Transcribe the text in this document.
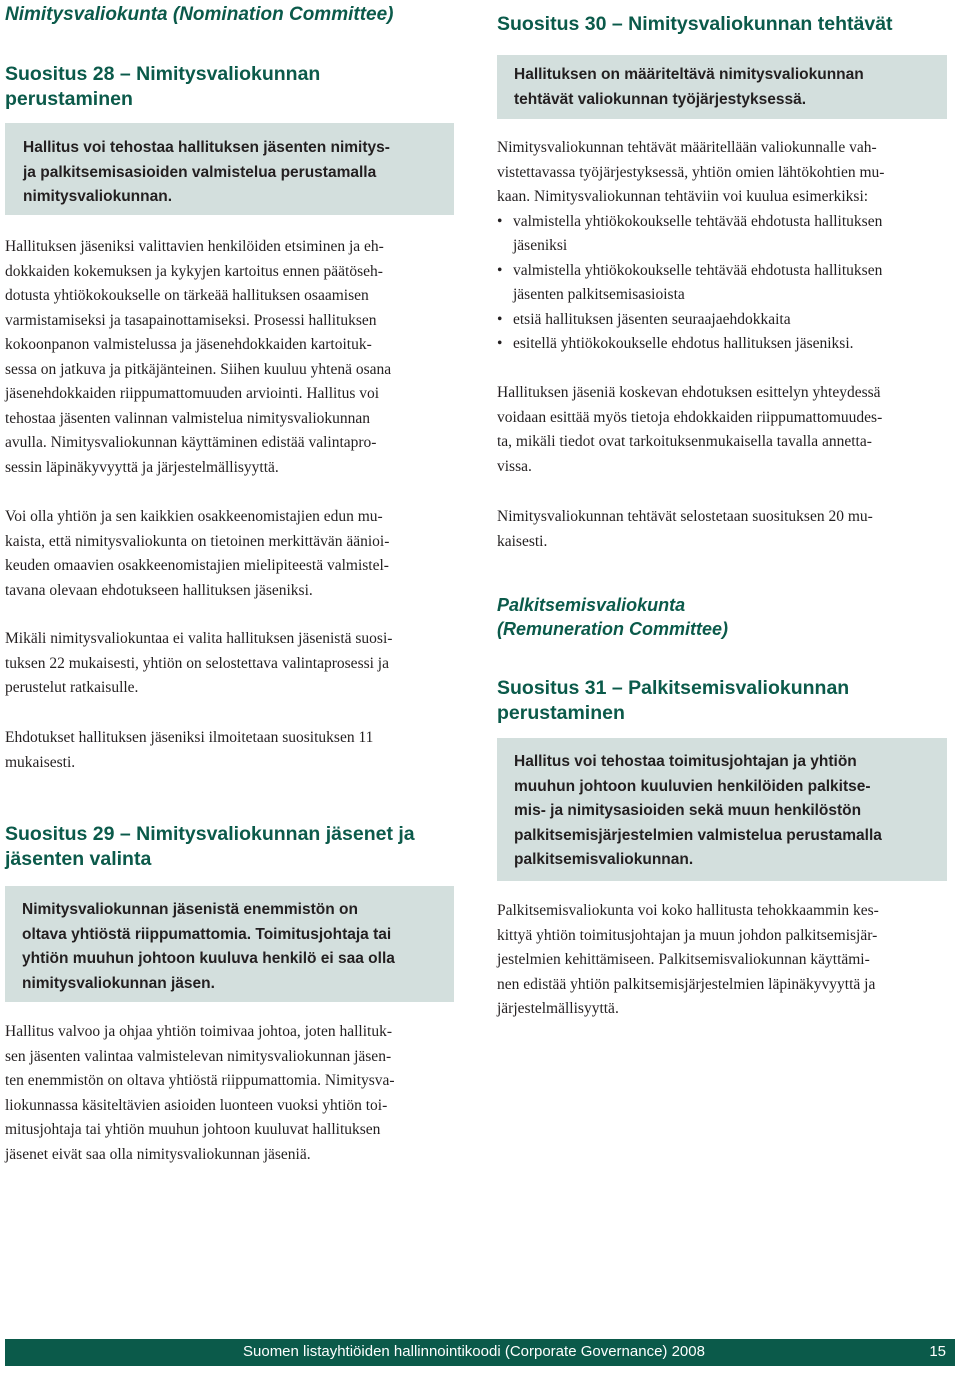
Nimitysvaliokunta (Nomination Committee)
Suositus 28 – Nimitysvaliokunnan
perustaminen
Hallitus voi tehostaa hallituksen jäsenten nimitys-
ja palkitsemisasioiden valmistelua perustamalla
nimitysvaliokunnan.

Hallituksen jäseniksi valittavien henkilöiden etsiminen ja eh-
dokkaiden kokemuksen ja kykyjen kartoitus ennen päätöseh-
dotusta yhtiökokoukselle on tärkeää hallituksen osaamisen
varmistamiseksi ja tasapainottamiseksi. Prosessi hallituksen
kokoonpanon valmistelussa ja jäsenehdokkaiden kartoituk-
sessa on jatkuva ja pitkäjänteinen. Siihen kuuluu yhtenä osana
jäsenehdokkaiden riippumattomuuden arviointi. Hallitus voi
tehostaa jäsenten valinnan valmistelua nimitysvaliokunnan
avulla. Nimitysvaliokunnan käyttäminen edistää valintapro-
sessin läpinäkyvyyttä ja järjestelmällisyyttä.

Voi olla yhtiön ja sen kaikkien osakkeenomistajien edun mu-
kaista, että nimitysvaliokunta on tietoinen merkittävän äänioi-
keuden omaavien osakkeenomistajien mielipiteestä valmistel-
tavana olevaan ehdotukseen hallituksen jäseniksi.

Mikäli nimitysvaliokuntaa ei valita hallituksen jäsenistä suosi-
tuksen 22 mukaisesti, yhtiön on selostettava valintaprosessi ja
perustelut ratkaisulle.

Ehdotukset hallituksen jäseniksi ilmoitetaan suosituksen 11
mukaisesti.

Suositus 29 – Nimitysvaliokunnan jäsenet ja
jäsenten valinta
Nimitysvaliokunnan jäsenistä enemmistön on
oltava yhtiöstä riippumattomia. Toimitusjohtaja tai
yhtiön muuhun johtoon kuuluva henkilö ei saa olla
nimitysvaliokunnan jäsen.

Hallitus valvoo ja ohjaa yhtiön toimivaa johtoa, joten hallituk-
sen jäsenten valintaa valmistelevan nimitysvaliokunnan jäsen-
ten enemmistön on oltava yhtiöstä riippumattomia. Nimitysva-
liokunnassa käsiteltävien asioiden luonteen vuoksi yhtiön toi-
mitusjohtaja tai yhtiön muuhun johtoon kuuluvat hallituksen
jäsenet eivät saa olla nimitysvaliokunnan jäseniä.

Suositus 30 – Nimitysvaliokunnan tehtävät
Hallituksen on määriteltävä nimitysvaliokunnan
tehtävät valiokunnan työjärjestyksessä.

Nimitysvaliokunnan tehtävät määritellään valiokunnalle vah-
vistettavassa työjärjestyksessä, yhtiön omien lähtökohtien mu-
kaan. Nimitysvaliokunnan tehtäviin voi kuulua esimerkiksi:

• valmistella yhtiökokoukselle tehtävää ehdotusta hallituksen
jäseniksi
• valmistella yhtiökokoukselle tehtävää ehdotusta hallituksen
jäsenten palkitsemisasioista
• etsiä hallituksen jäsenten seuraajaehdokkaita
• esitellä yhtiökokoukselle ehdotus hallituksen jäseniksi.

Hallituksen jäseniä koskevan ehdotuksen esittelyn yhteydessä
voidaan esittää myös tietoja ehdokkaiden riippumattomuudes-
ta, mikäli tiedot ovat tarkoituksenmukaisella tavalla annetta-
vissa.

Nimitysvaliokunnan tehtävät selostetaan suosituksen 20 mu-
kaisesti.

Palkitsemisvaliokunta
(Remuneration Committee)
Suositus 31 – Palkitsemisvaliokunnan
perustaminen
Hallitus voi tehostaa toimitusjohtajan ja yhtiön
muuhun johtoon kuuluvien henkilöiden palkitse-
mis- ja nimitysasioiden sekä muun henkilöstön
palkitsemisjärjestelmien valmistelua perustamalla
palkitsemisvaliokunnan.

Palkitsemisvaliokunta voi koko hallitusta tehokkaammin kes-
kittyä yhtiön toimitusjohtajan ja muun johdon palkitsemisjär-
jestelmien kehittämiseen. Palkitsemisvaliokunnan käyttämi-
nen edistää yhtiön palkitsemisjärjestelmien läpinäkyvyyttä ja
järjestelmällisyyttä.

Suomen listayhtiöiden hallinnointikoodi (Corporate Governance) 2008	15
